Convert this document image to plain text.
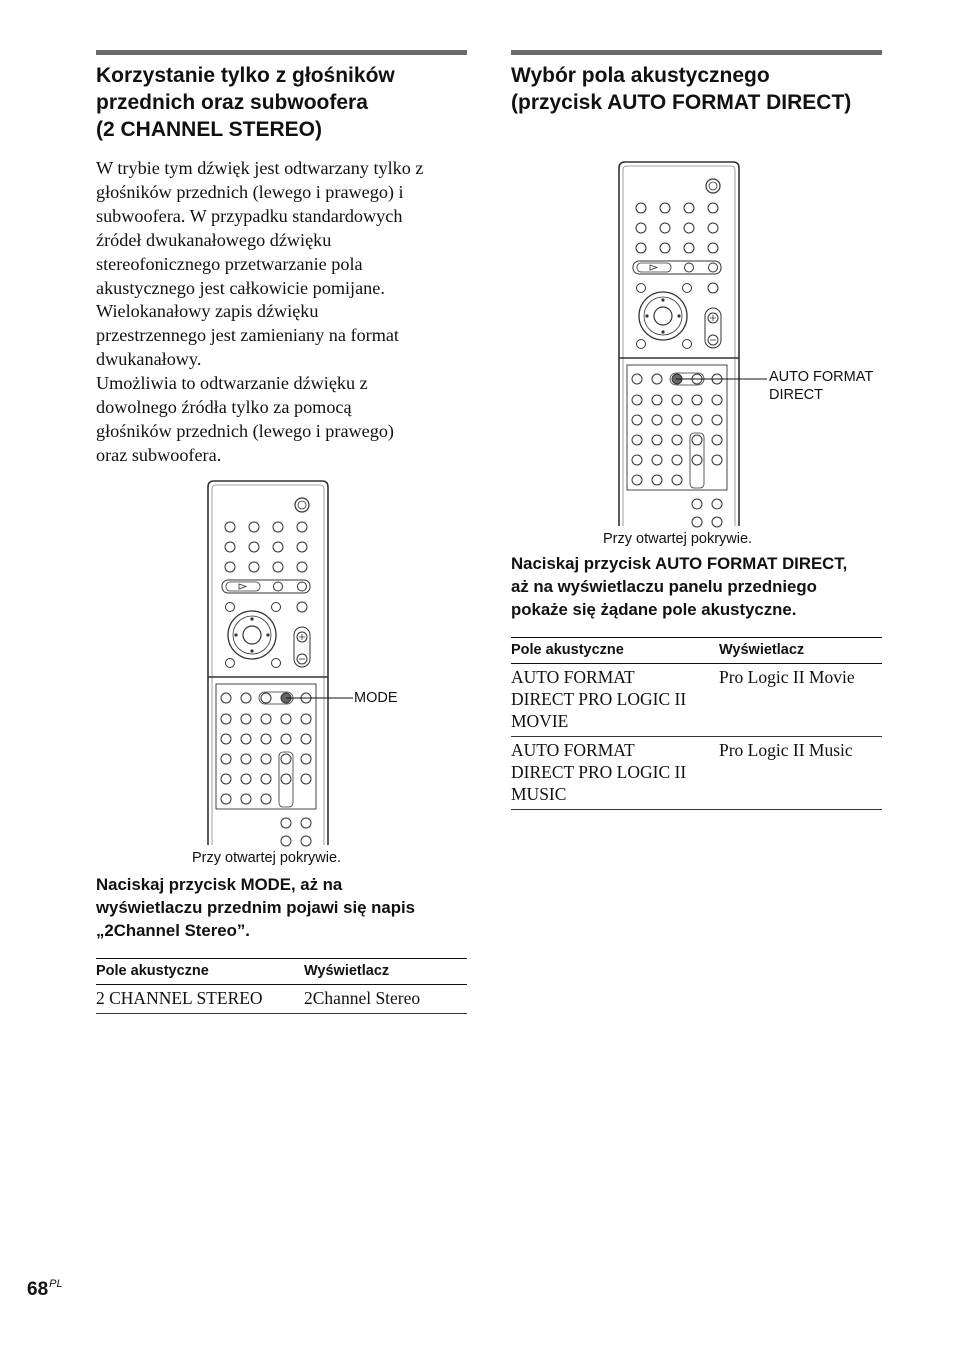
Korzystanie tylko z głośników
przednich oraz subwoofera
(2 CHANNEL STEREO)
W trybie tym dźwięk jest odtwarzany tylko z
głośników przednich (lewego i prawego) i
subwoofera. W przypadku standardowych
źródeł dwukanałowego dźwięku
stereofonicznego przetwarzanie pola
akustycznego jest całkowicie pomijane.
Wielokanałowy zapis dźwięku
przestrzennego jest zamieniany na format
dwukanałowy.
Umożliwia to odtwarzanie dźwięku z
dowolnego źródła tylko za pomocą
głośników przednich (lewego i prawego)
oraz subwoofera.
MODE
Przy otwartej pokrywie.
Naciskaj przycisk MODE, aż na
wyświetlaczu przednim pojawi się napis
„2Channel Stereo”.
Pole akustyczne	Wyświetlacz

2 CHANNEL STEREO	2Channel Stereo
Wybór pola akustycznego
(przycisk AUTO FORMAT DIRECT)
AUTO FORMAT
DIRECT
Przy otwartej pokrywie.
Naciskaj przycisk AUTO FORMAT DIRECT,
aż na wyświetlaczu panelu przedniego
pokaże się żądane pole akustyczne.
Pole akustyczne	Wyświetlacz

AUTO FORMAT
DIRECT PRO LOGIC II
MOVIE	Pro Logic II Movie

AUTO FORMAT
DIRECT PRO LOGIC II
MUSIC	Pro Logic II Music
$68^{PL}$
